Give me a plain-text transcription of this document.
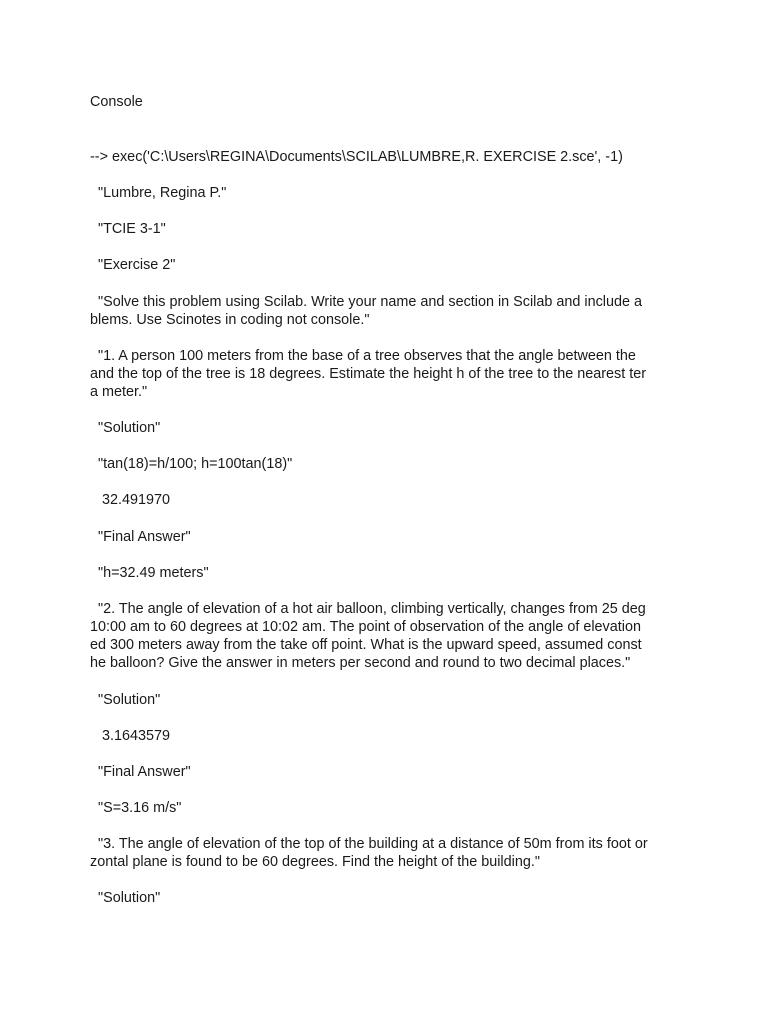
Console
--> exec('C:\Users\REGINA\Documents\SCILAB\LUMBRE,R. EXERCISE 2.sce', -1)
"Lumbre, Regina P."
"TCIE 3-1"
"Exercise 2"
"Solve this problem using Scilab. Write your name and section in Scilab and include a
blems. Use Scinotes in coding not console."
"1. A person 100 meters from the base of a tree observes that the angle between the
and the top of the tree is 18 degrees. Estimate the height h of the tree to the nearest ter
a meter."
"Solution"
"tan(18)=h/100; h=100tan(18)"
32.491970
"Final Answer"
"h=32.49 meters"
"2. The angle of elevation of a hot air balloon, climbing vertically, changes from 25 deg
10:00 am to 60 degrees at 10:02 am. The point of observation of the angle of elevation
ed 300 meters away from the take off point. What is the upward speed, assumed const
he balloon? Give the answer in meters per second and round to two decimal places."
"Solution"
3.1643579
"Final Answer"
"S=3.16 m/s"
"3. The angle of elevation of the top of the building at a distance of 50m from its foot or
zontal plane is found to be 60 degrees. Find the height of the building."
"Solution"
